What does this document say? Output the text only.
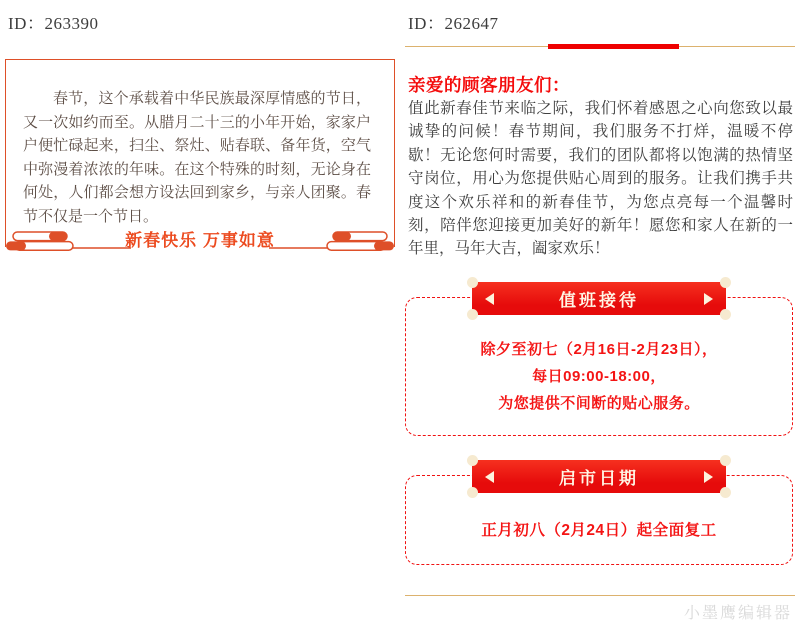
ID：263390

春节，这个承载着中华民族最深厚情感的节日，又一次如约而至。从腊月二十三的小年开始，家家户户便忙碌起来，扫尘、祭灶、贴春联、备年货，空气中弥漫着浓浓的年味。在这个特殊的时刻，无论身在何处，人们都会想方设法回到家乡，与亲人团聚。春节不仅是一个节日。

新春快乐 万事如意
ID：262647
亲爱的顾客朋友们：

值此新春佳节来临之际，我们怀着感恩之心向您致以最诚挚的问候！春节期间，我们服务不打烊，温暖不停歇！无论您何时需要，我们的团队都将以饱满的热情坚守岗位，用心为您提供贴心周到的服务。让我们携手共度这个欢乐祥和的新春佳节，为您点亮每一个温馨时刻，陪伴您迎接更加美好的新年！愿您和家人在新的一年里，马年大吉，阖家欢乐！

除夕至初七（2月16日-2月23日），

每日09:00-18:00，

为您提供不间断的贴心服务。

值班接待

正月初八（2月24日）起全面复工

启市日期
小墨鹰编辑器
